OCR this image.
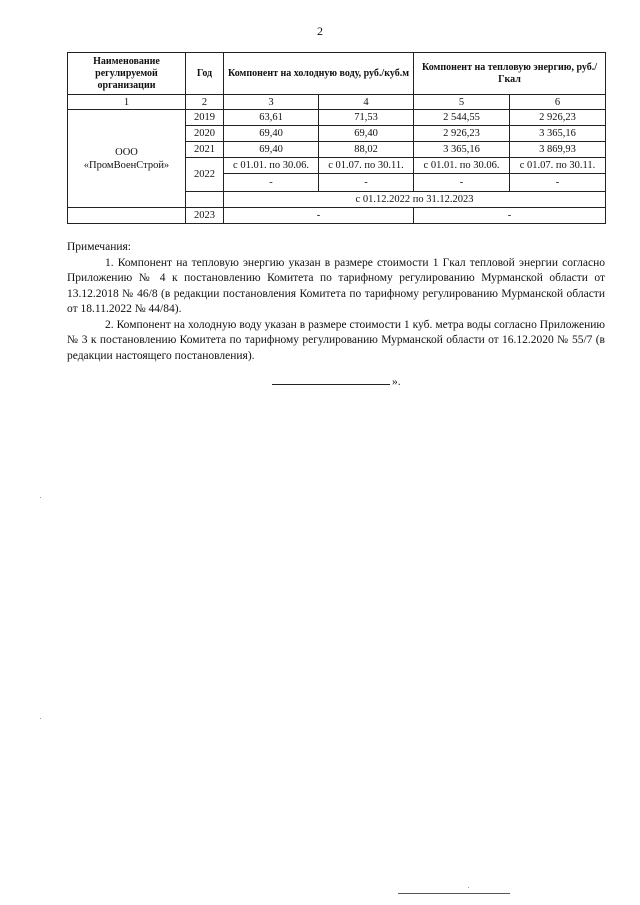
2
Наименование регулируемой организации	Год	Компонент на холодную воду, руб./куб.м		Компонент на тепловую энергию, руб./Гкал	
1	2	3	4	5	6
ООО
«ПромВоенСтрой»	2019	63,61	71,53	2 544,55	2 926,23
	2020	69,40	69,40	2 926,23	3 365,16
	2021	69,40	88,02	3 365,16	3 869,93
	2022	с 01.01. по 30.06.	с 01.07. по 30.11.	с 01.01. по 30.06.	с 01.07. по 30.11.
		-	-	-	-
		с 01.12.2022 по 31.12.2023			
	2023	-		-	

Примечания:

1. Компонент на тепловую энергию указан в размере стоимости 1 Гкал тепловой энергии согласно Приложению № 4 к постановлению Комитета по тарифному регулированию Мурманской области от 13.12.2018 № 46/8 (в редакции постановления Комитета по тарифному регулированию Мурманской области от 18.11.2022 № 44/84).

2. Компонент на холодную воду указан в размере стоимости 1 куб. метра воды согласно Приложению № 3 к постановлению Комитета по тарифному регулированию Мурманской области от 16.12.2020 № 55/7 (в редакции настоящего постановления).

».
